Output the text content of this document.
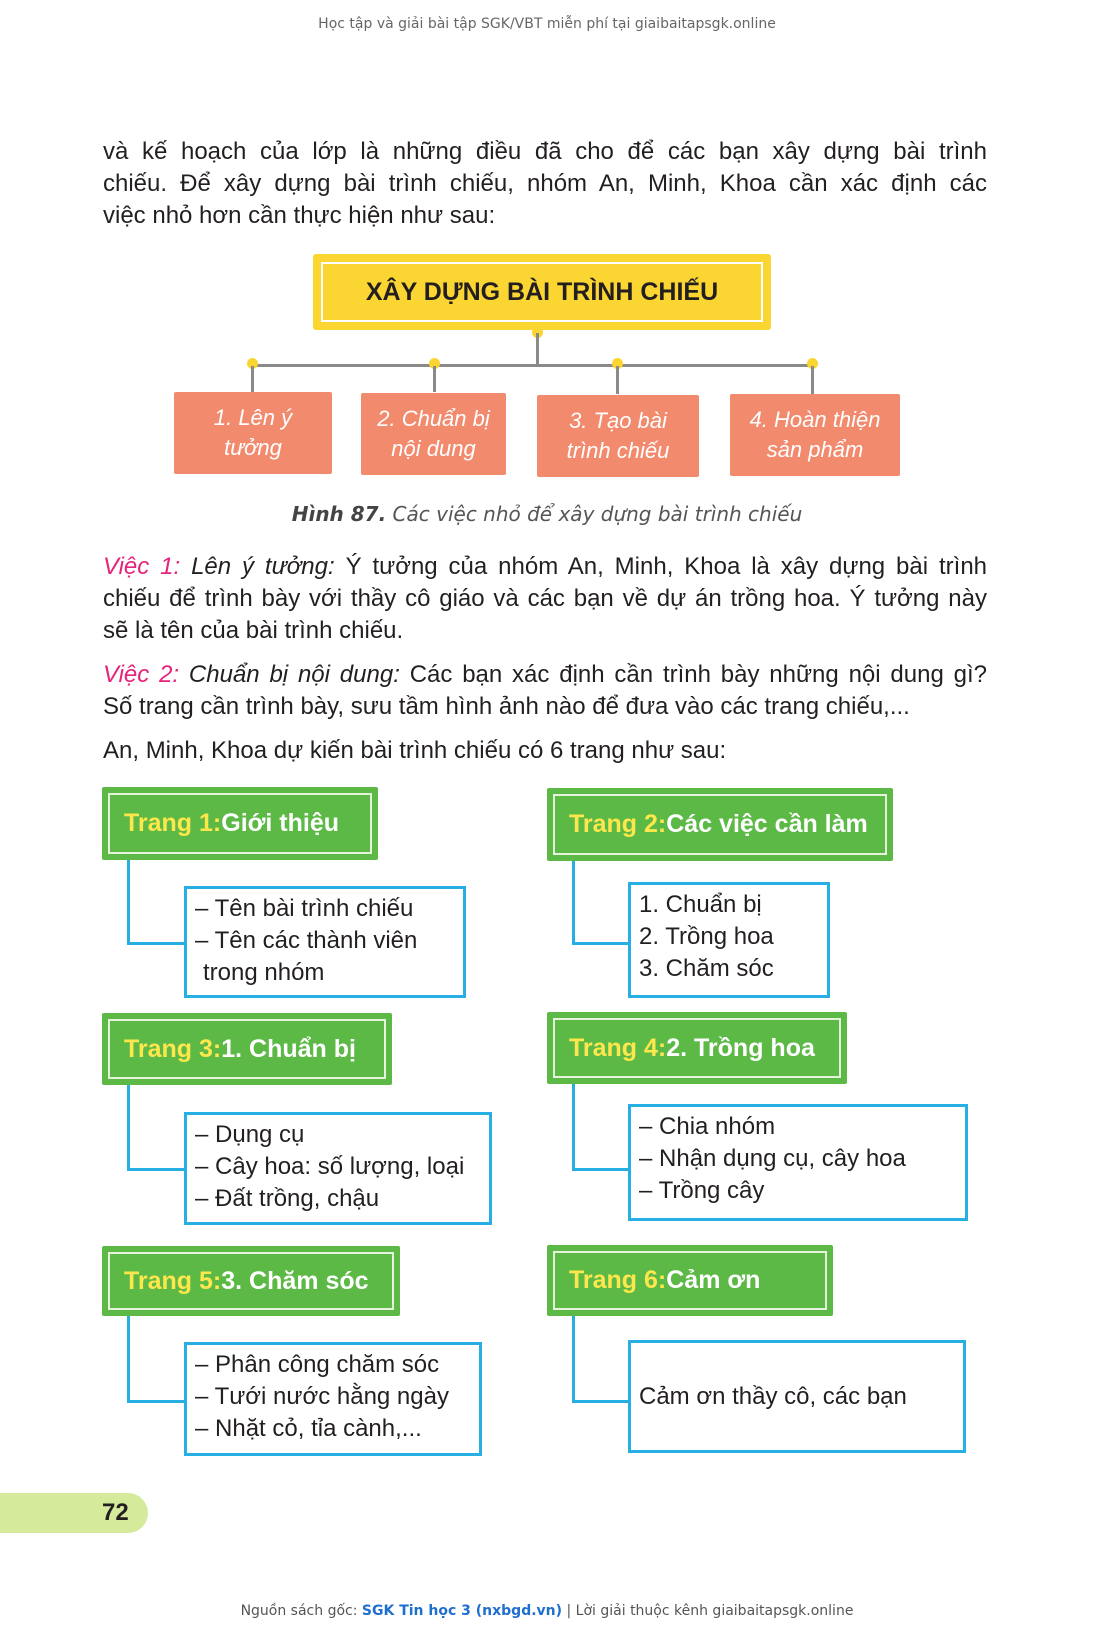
Học tập và giải bài tập SGK/VBT miễn phí tại giaibaitapsgk.online
và kế hoạch của lớp là những điều đã cho để các bạn xây dựng bài trình
chiếu. Để xây dựng bài trình chiếu, nhóm An, Minh, Khoa cần xác định các
việc nhỏ hơn cần thực hiện như sau:
XÂY DỰNG BÀI TRÌNH CHIẾU
1. Lên ý
tưởng
2. Chuẩn bị
nội dung
3. Tạo bài
trình chiếu
4. Hoàn thiện
sản phẩm
Hình 87. Các việc nhỏ để xây dựng bài trình chiếu
Việc 1: Lên ý tưởng: Ý tưởng của nhóm An, Minh, Khoa là xây dựng bài trình
chiếu để trình bày với thầy cô giáo và các bạn về dự án trồng hoa. Ý tưởng này
sẽ là tên của bài trình chiếu.
Việc 2: Chuẩn bị nội dung: Các bạn xác định cần trình bày những nội dung gì?
Số trang cần trình bày, sưu tầm hình ảnh nào để đưa vào các trang chiếu,...
An, Minh, Khoa dự kiến bài trình chiếu có 6 trang như sau:
Trang 1: Giới thiệu
– Tên bài trình chiếu
– Tên các thành viên
trong nhóm
Trang 2: Các việc cần làm
1. Chuẩn bị
2. Trồng hoa
3. Chăm sóc
Trang 3: 1. Chuẩn bị
– Dụng cụ
– Cây hoa: số lượng, loại
– Đất trồng, chậu
Trang 4: 2. Trồng hoa
– Chia nhóm
– Nhận dụng cụ, cây hoa
– Trồng cây
Trang 5: 3. Chăm sóc
– Phân công chăm sóc
– Tưới nước hằng ngày
– Nhặt cỏ, tỉa cành,...
Trang 6: Cảm ơn
Cảm ơn thầy cô, các bạn
72
Nguồn sách gốc: SGK Tin học 3 (nxbgd.vn) | Lời giải thuộc kênh giaibaitapsgk.online
